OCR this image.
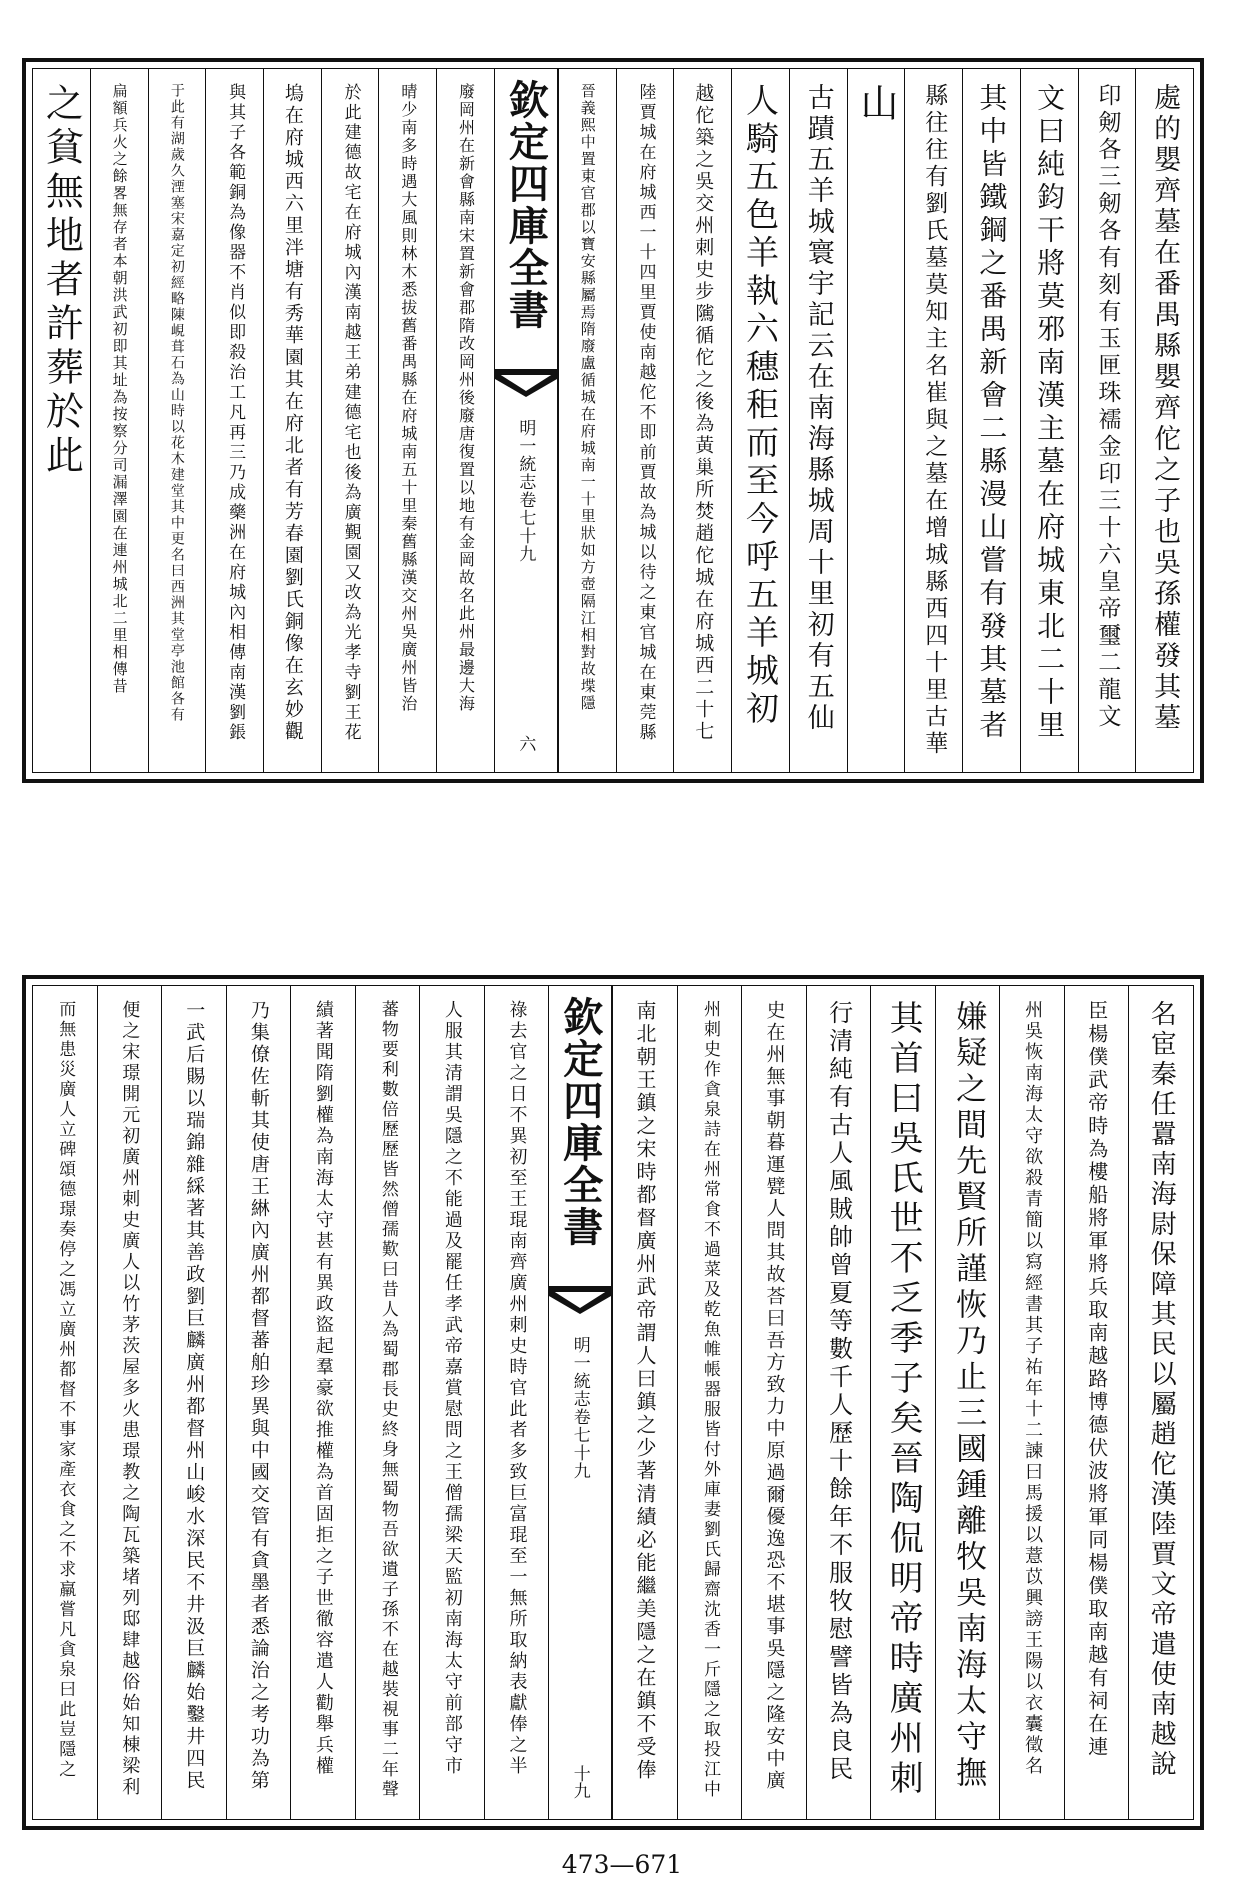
處的嬰齊墓在番禺縣嬰齊佗之子也吳孫權發其墓
印剱各三剱各有刻有玉匣珠襦金印三十六皇帝璽二龍文
文曰純鈞干將莫邪南漢主墓在府城東北二十里
其中皆鐵鋼之番禺新會二縣漫山嘗有發其墓者
縣往往有劉氏墓莫知主名崔與之墓在增城縣西四十里古華
山
古蹟五羊城寰宇記云在南海縣城周十里初有五仙
人騎五色羊執六穗秬而至今呼五羊城初
越佗築之吳交州刺史步隲循佗之後為黃巢所焚趙佗城在府城西二十七
陸賈城在府城西一十四里賈使南越佗不即前賈故為城以待之東官城在東莞縣
晉義熙中置東官郡以寶安縣屬焉隋廢盧循城在府城南一十里狀如方壺隔江相對故堞隱
欽定四庫全書
明一統志卷七十九
六
廢岡州在新會縣南宋置新會郡隋改岡州後廢唐復置以地有金岡故名此州最邊大海
晴少南多時遇大風則林木悉拔舊番禺縣在府城南五十里秦舊縣漢交州吳廣州皆治
於此建德故宅在府城內漢南越王弟建德宅也後為廣覲園又改為光孝寺劉王花
塢在府城西六里泮塘有秀華園其在府北者有芳春園劉氏銅像在玄妙觀
與其子各範銅為像器不肖似即殺治工凡再三乃成藥洲在府城內相傳南漢劉鋹
于此有湖歲久湮塞宋嘉定初經略陳峴葺石為山時以花木建堂其中更名曰西洲其堂亭池館各有
扁額兵火之餘畧無存者本朝洪武初即其址為按察分司漏澤園在連州城北二里相傳昔
之貧無地者許葬於此
名宦秦任囂南海尉保障其民以屬趙佗漢陸賈文帝遣使南越說
臣楊僕武帝時為樓船將軍將兵取南越路博德伏波將軍同楊僕取南越有祠在連
州吳恢南海太守欲殺青簡以寫經書其子祐年十二諫曰馬援以薏苡興謗王陽以衣囊徵名
嫌疑之間先賢所謹恢乃止三國鍾離牧吳南海太守撫
其首曰吳氏世不乏季子矣晉陶侃明帝時廣州刺
行清純有古人風賊帥曾夏等數千人歷十餘年不服牧慰譬皆為良民
史在州無事朝暮運甓人問其故荅曰吾方致力中原過爾優逸恐不堪事吳隱之隆安中廣
州刺史作貪泉詩在州常食不過菜及乾魚帷帳器服皆付外庫妻劉氏歸齋沈香一斤隱之取投江中
南北朝王鎮之宋時都督廣州武帝謂人曰鎮之少著清績必能繼美隱之在鎮不受俸
欽定四庫全書
明一統志卷七十九
十九
祿去官之日不異初至王琨南齊廣州刺史時官此者多致巨富琨至一無所取納表獻俸之半
人服其清謂吳隱之不能過及罷任孝武帝嘉賞慰問之王僧孺梁天監初南海太守前部守市
蕃物要利數倍歷歷皆然僧孺歎曰昔人為蜀郡長史終身無蜀物吾欲遺子孫不在越裝視事二年聲
績著聞隋劉權為南海太守甚有異政盜起羣豪欲推權為首固拒之子世徹容遣人勸舉兵權
乃集僚佐斬其使唐王綝內廣州都督蕃舶珍異與中國交管有貪墨者悉論治之考功為第
一武后賜以瑞錦雜綵著其善政劉巨麟廣州都督州山峻水深民不井汲巨麟始鑿井四民
便之宋璟開元初廣州刺史廣人以竹茅茨屋多火患璟教之陶瓦築堵列邸肆越俗始知棟梁利
而無患災廣人立碑頌德璟奏停之馮立廣州都督不事家產衣食之不求羸嘗凡貪泉曰此豈隱之
473—671
